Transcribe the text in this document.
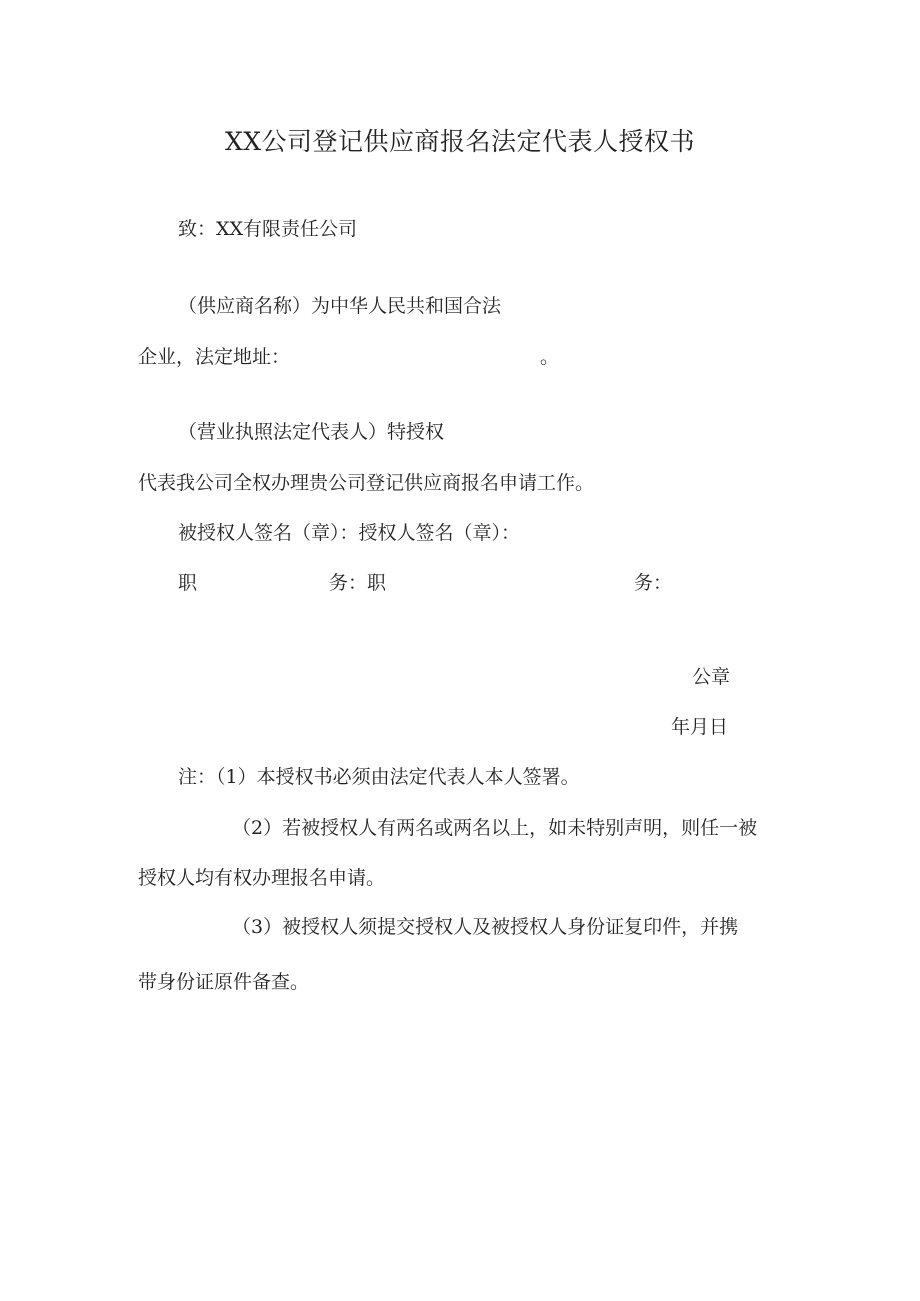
XX公司登记供应商报名法定代表人授权书
致：XX有限责任公司
（供应商名称）为中华人民共和国合法
企业，法定地址：	。
（营业执照法定代表人）特授权
代表我公司全权办理贵公司登记供应商报名申请工作。
被授权人签名（章）：授权人签名（章）：
职	务：职	务：
公章
年月日
注：（1）本授权书必须由法定代表人本人签署。
（2）若被授权人有两名或两名以上，如未特别声明，则任一被
授权人均有权办理报名申请。
（3）被授权人须提交授权人及被授权人身份证复印件，并携
带身份证原件备查。
